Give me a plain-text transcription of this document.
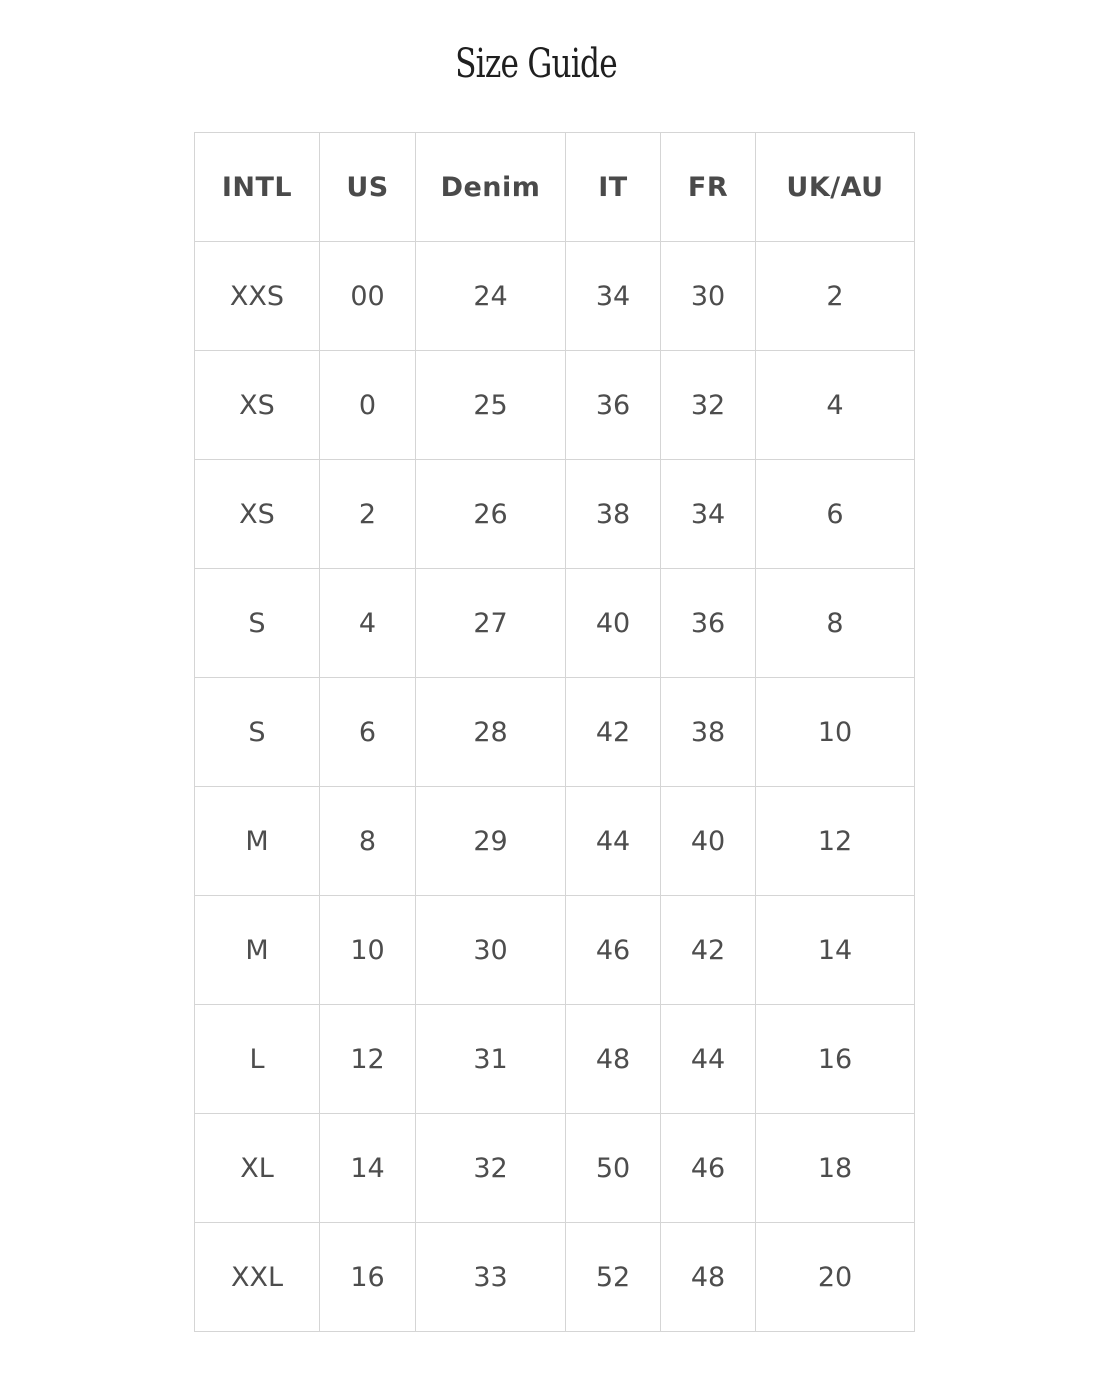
Size Guide
INTL	US	Denim	IT	FR	UK/AU
XXS	00	24	34	30	2
XS	0	25	36	32	4
XS	2	26	38	34	6
S	4	27	40	36	8
S	6	28	42	38	10
M	8	29	44	40	12
M	10	30	46	42	14
L	12	31	48	44	16
XL	14	32	50	46	18
XXL	16	33	52	48	20
